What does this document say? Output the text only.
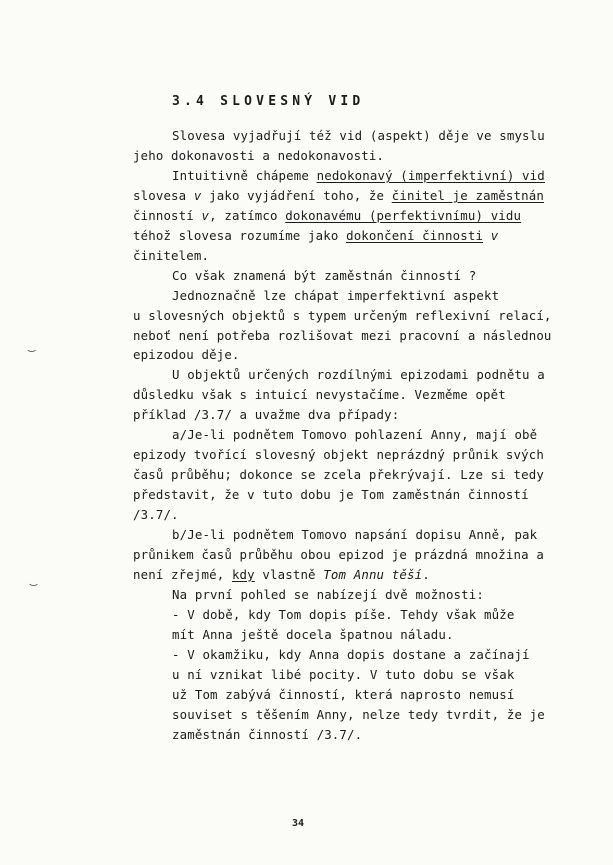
3.4 SLOVESNÝ VID
Slovesa vyjadřují též vid (aspekt) děje ve smyslu
jeho dokonavosti a nedokonavosti.
Intuitivně chápeme nedokonavý (imperfektivní) vid
slovesa v jako vyjádření toho, že činitel je zaměstnán
činností v, zatímco dokonavému (perfektivnímu) vidu
téhož slovesa rozumíme jako dokončení činnosti v
činitelem.
Co však znamená být zaměstnán činností ?
Jednoznačně lze chápat imperfektivní aspekt
u slovesných objektů s typem určeným reflexivní relací,
neboť není potřeba rozlišovat mezi pracovní a následnou
epizodou děje.
U objektů určených rozdílnými epizodami podnětu a
důsledku však s intuicí nevystačíme. Vezměme opět
příklad /3.7/ a uvažme dva případy:
a/Je-li podnětem Tomovo pohlazení Anny, mají obě
epizody tvořící slovesný objekt neprázdný průnik svých
časů průběhu; dokonce se zcela překrývají. Lze si tedy
představit, že v tuto dobu je Tom zaměstnán činností
/3.7/.
b/Je-li podnětem Tomovo napsání dopisu Anně, pak
průnikem časů průběhu obou epizod je prázdná množina a
není zřejmé, kdy vlastně Tom Annu těší.
Na první pohled se nabízejí dvě možnosti:
- V době, kdy Tom dopis píše. Tehdy však může
mít Anna ještě docela špatnou náladu.
- V okamžiku, kdy Anna dopis dostane a začínají
u ní vznikat libé pocity. V tuto dobu se však
už Tom zabývá činností, která naprosto nemusí
souviset s těšením Anny, nelze tedy tvrdit, že je
zaměstnán činností /3.7/.
34
‿
‿
